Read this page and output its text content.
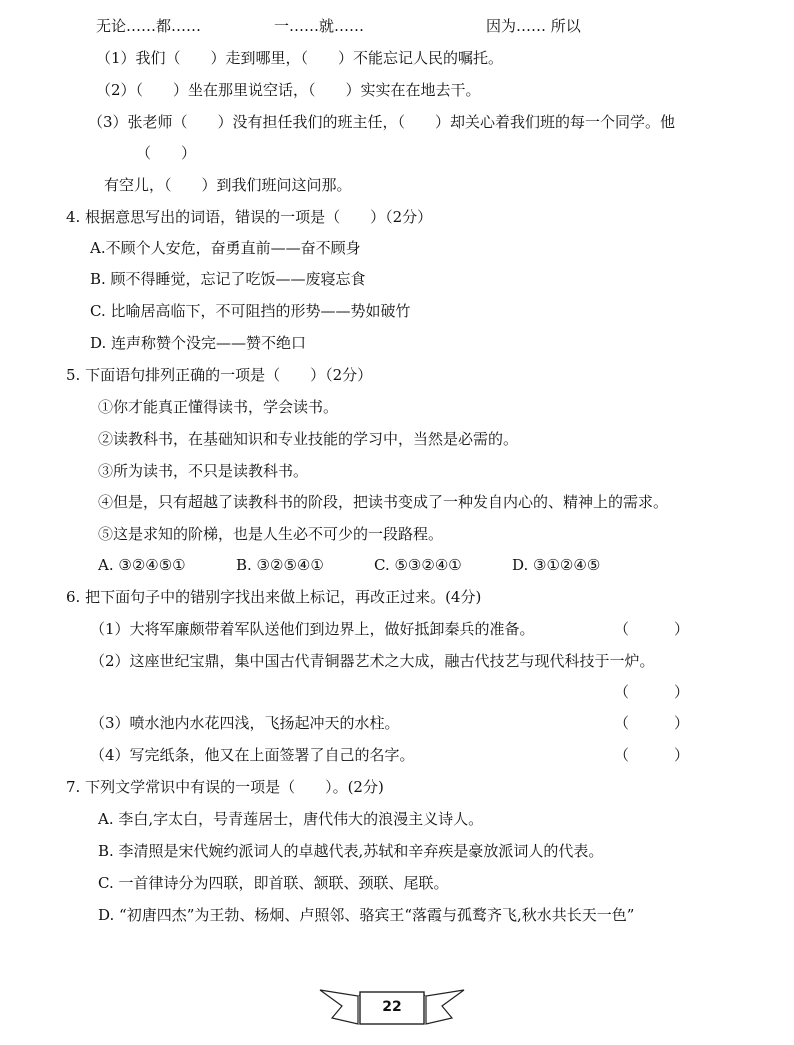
无论……都……	一……就……	因为…… 所以
（1）我们（　　）走到哪里，（　　）不能忘记人民的嘱托。
（2）（　　）坐在那里说空话，（　　）实实在在地去干。
（3）张老师（　　）没有担任我们的班主任，（　　）却关心着我们班的每一个同学。他
（　　）
有空儿，（　　）到我们班问这问那。
4. 根据意思写出的词语，错误的一项是（　　）（2分）
A.不顾个人安危，奋勇直前——奋不顾身
B. 顾不得睡觉，忘记了吃饭——废寝忘食
C. 比喻居高临下，不可阻挡的形势——势如破竹
D. 连声称赞个没完——赞不绝口
5. 下面语句排列正确的一项是（　　）（2分）
①你才能真正懂得读书，学会读书。
②读教科书，在基础知识和专业技能的学习中，当然是必需的。
③所为读书，不只是读教科书。
④但是，只有超越了读教科书的阶段，把读书变成了一种发自内心的、精神上的需求。
⑤这是求知的阶梯，也是人生必不可少的一段路程。
A. ③②④⑤①	B. ③②⑤④①	C. ⑤③②④①	D. ③①②④⑤
6. 把下面句子中的错别字找出来做上标记，再改正过来。(4分)
（1）大将军廉颇带着军队送他们到边界上，做好抵卸秦兵的准备。	（　　　）
（2）这座世纪宝鼎，集中国古代青铜器艺术之大成，融古代技艺与现代科技于一炉。
（　　　）
（3）喷水池内水花四浅，飞扬起冲天的水柱。	（　　　）
（4）写完纸条，他又在上面签署了自己的名字。	（　　　）
7. 下列文学常识中有误的一项是（　　）。(2分)
A. 李白,字太白，号青莲居士，唐代伟大的浪漫主义诗人。
B. 李清照是宋代婉约派词人的卓越代表,苏轼和辛弃疾是豪放派词人的代表。
C. 一首律诗分为四联，即首联、颔联、颈联、尾联。
D. “初唐四杰”为王勃、杨炯、卢照邻、骆宾王“落霞与孤鹜齐飞,秋水共长天一色”
22
